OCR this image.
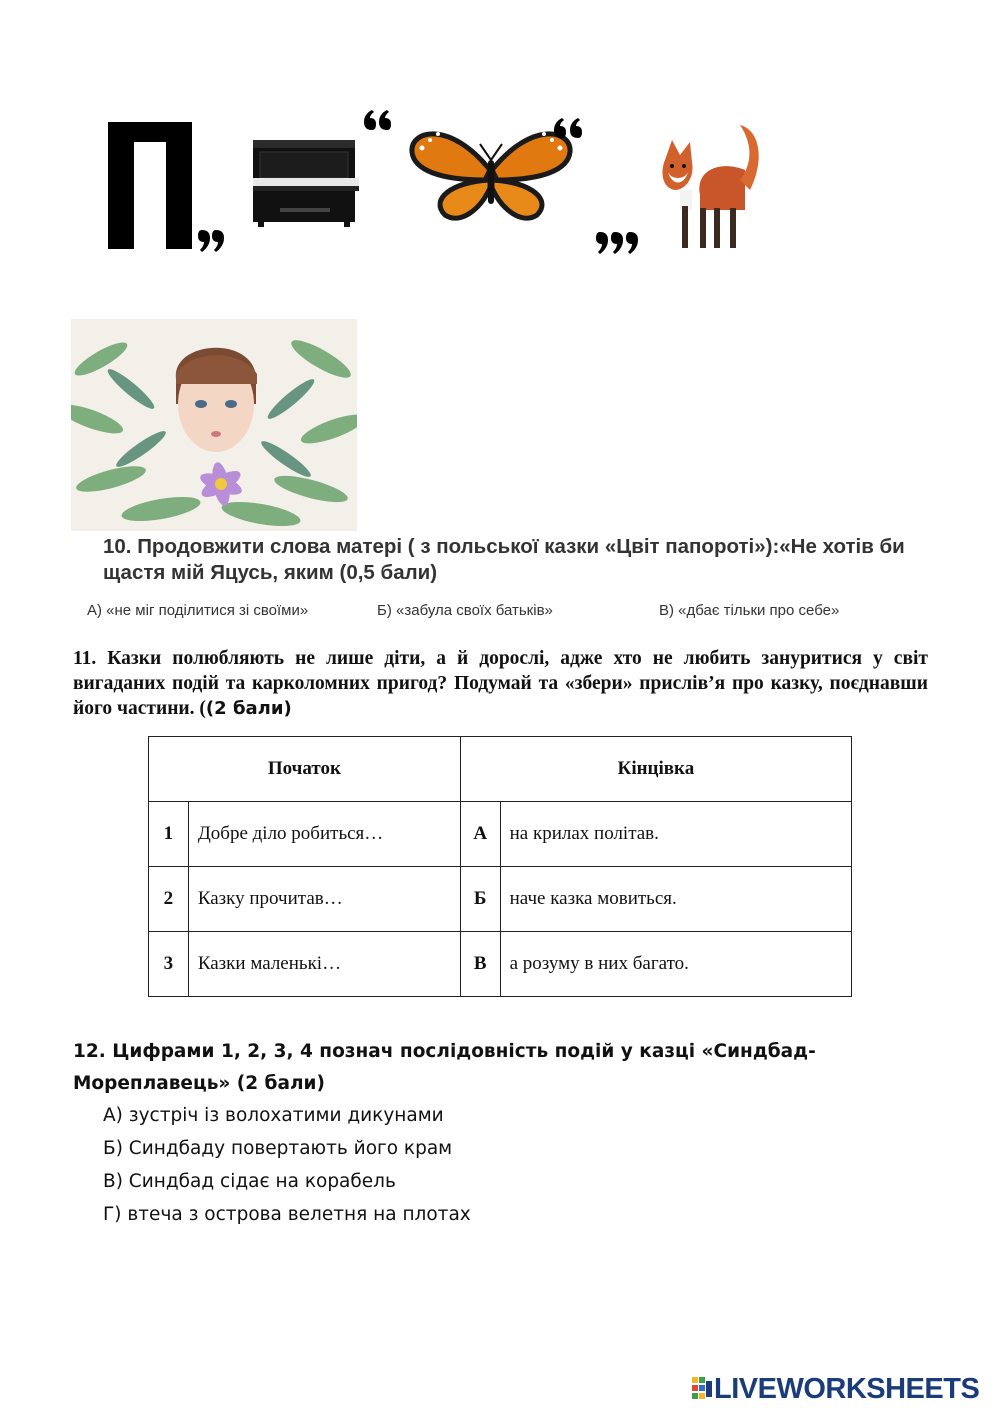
10. Продовжити слова матері ( з польської казки «Цвіт папороті»):«Не хотів би щастя мій Яцусь, яким (0,5 бали)
А) «не міг поділитися зі своїми»	Б) «забула своїх батьків»	В) «дбає тільки про себе»
11. Казки полюбляють не лише діти, а й дорослі, адже хто не любить зануритися у світ вигаданих подій та карколомних пригод? Подумай та «збери» прислів’я про казку, поєднавши його частини. ((2 бали)
Початок		Кінцівка	
1	Добре діло робиться…	А	на крилах політав.
2	Казку прочитав…	Б	наче казка мовиться.
3	Казки маленькі…	В	а розуму в них багато.
12. Цифрами 1, 2, 3, 4 познач послідовність подій у казці «Синдбад-Мореплавець» (2 бали)
А) зустріч із волохатими дикунами
Б) Синдбаду повертають його крам
В) Синдбад сідає на корабель
Г) втеча з острова велетня на плотах
LIVEWORKSHEETS
